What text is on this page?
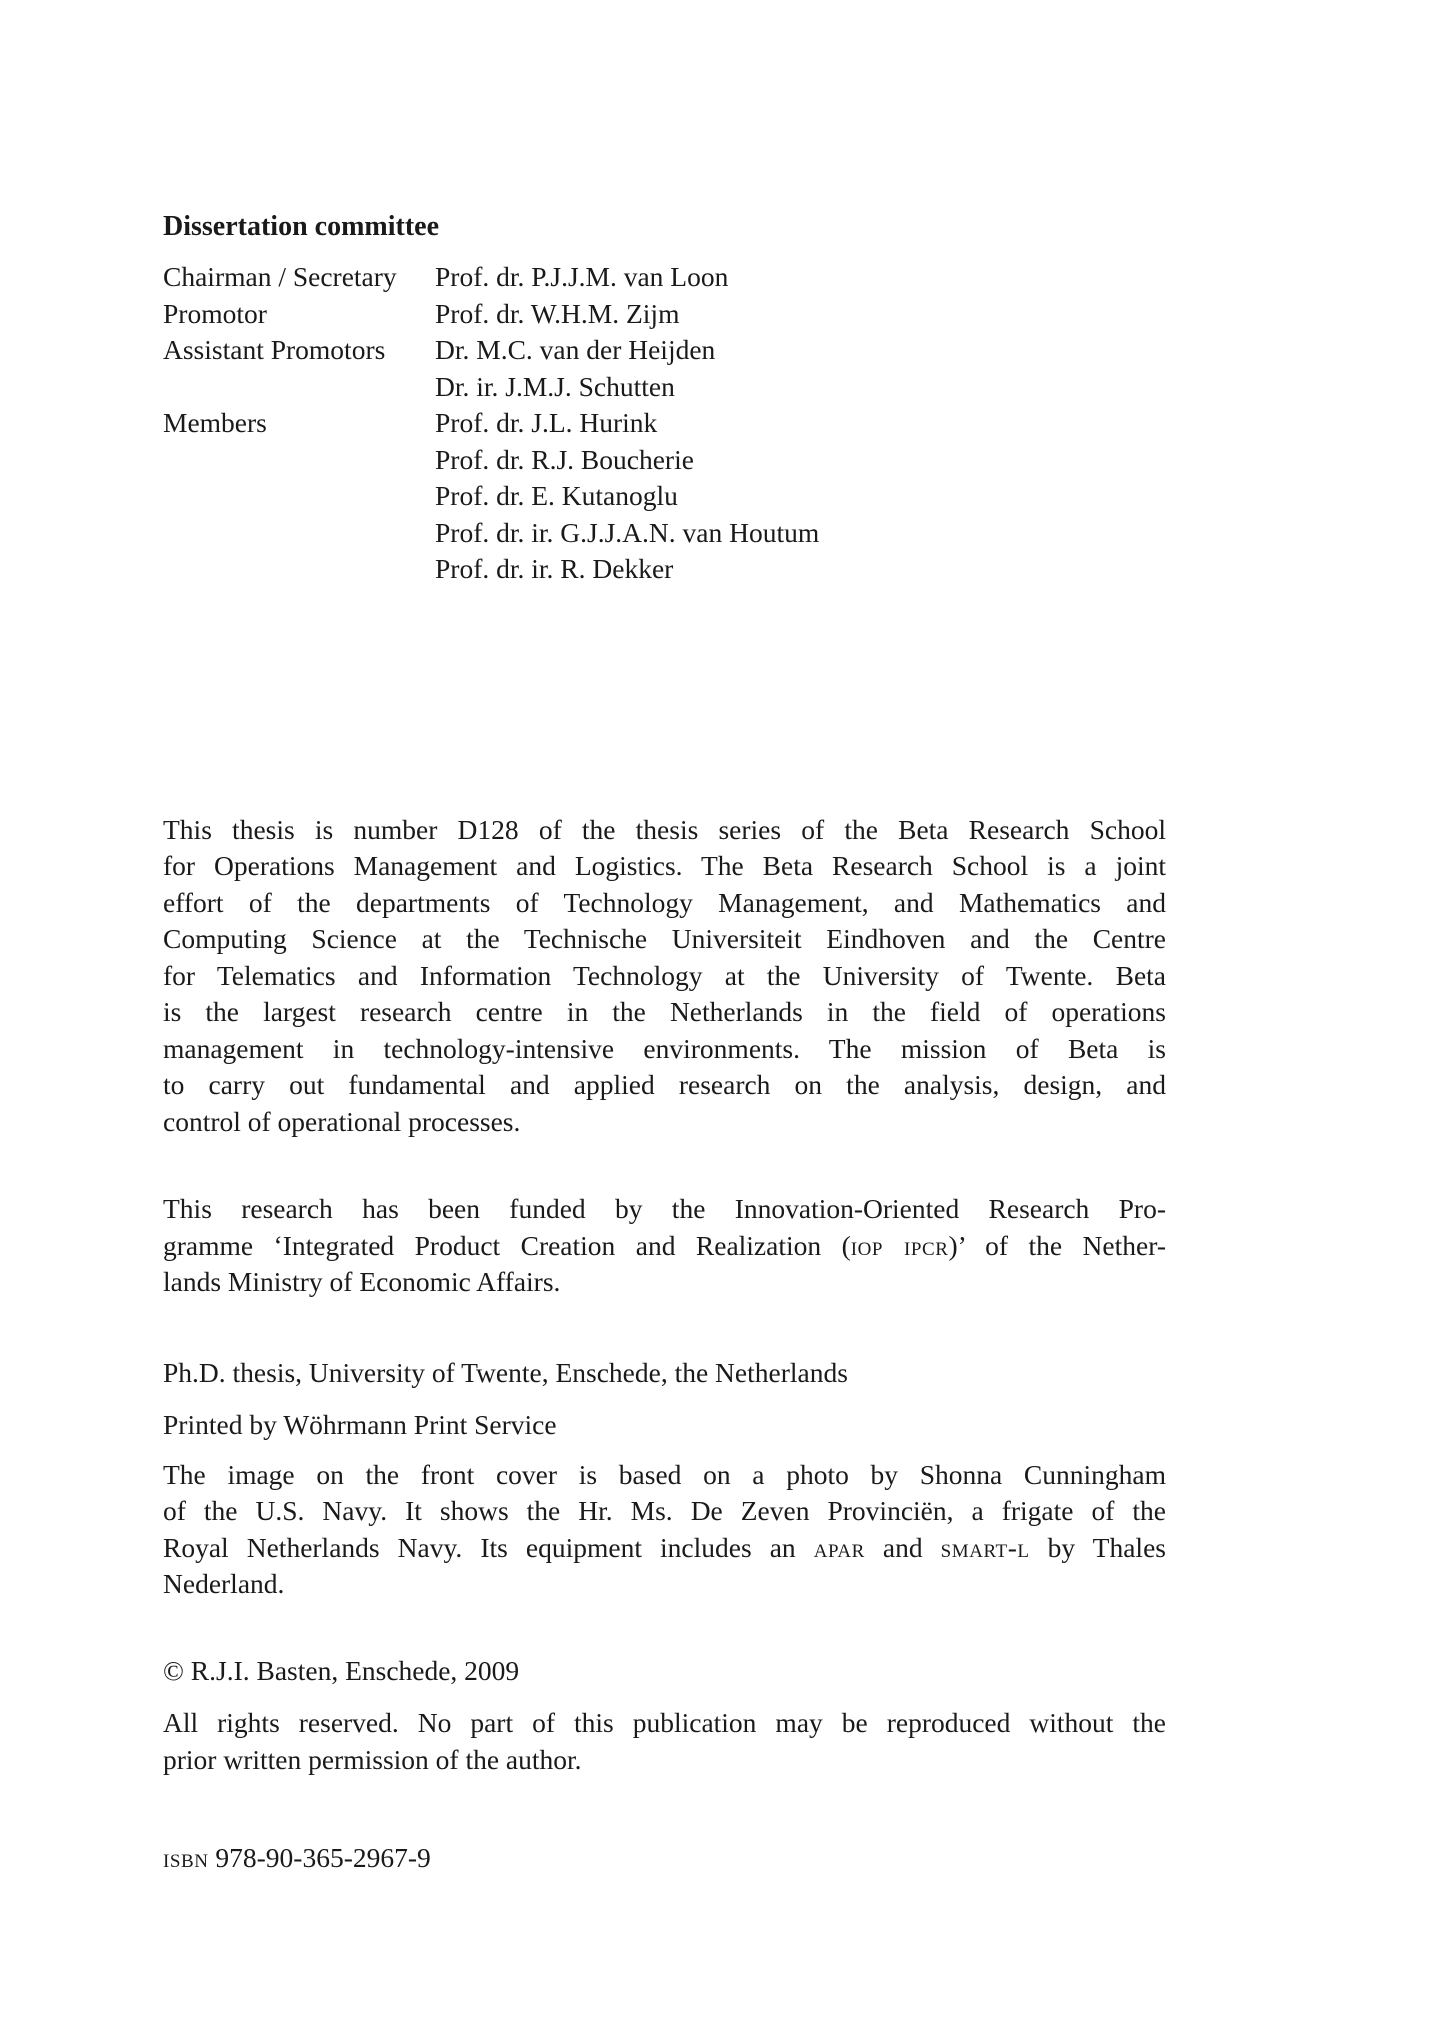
Dissertation committee
Chairman / Secretary	Prof. dr. P.J.J.M. van Loon
Promotor	Prof. dr. W.H.M. Zijm
Assistant Promotors	Dr. M.C. van der Heijden
Dr. ir. J.M.J. Schutten
Members	Prof. dr. J.L. Hurink
Prof. dr. R.J. Boucherie
Prof. dr. E. Kutanoglu
Prof. dr. ir. G.J.J.A.N. van Houtum
Prof. dr. ir. R. Dekker
This thesis is number D128 of the thesis series of the Beta Research School
for Operations Management and Logistics. The Beta Research School is a joint
effort of the departments of Technology Management, and Mathematics and
Computing Science at the Technische Universiteit Eindhoven and the Centre
for Telematics and Information Technology at the University of Twente. Beta
is the largest research centre in the Netherlands in the field of operations
management in technology-intensive environments. The mission of Beta is
to carry out fundamental and applied research on the analysis, design, and
control of operational processes.
This research has been funded by the Innovation-Oriented Research Pro-
gramme ‘Integrated Product Creation and Realization (iop ipcr)’ of the Nether-
lands Ministry of Economic Affairs.
Ph.D. thesis, University of Twente, Enschede, the Netherlands
Printed by Wöhrmann Print Service
The image on the front cover is based on a photo by Shonna Cunningham
of the U.S. Navy. It shows the Hr. Ms. De Zeven Provinciën, a frigate of the
Royal Netherlands Navy. Its equipment includes an apar and smart-l by Thales
Nederland.
© R.J.I. Basten, Enschede, 2009
All rights reserved. No part of this publication may be reproduced without the
prior written permission of the author.
isbn 978-90-365-2967-9
